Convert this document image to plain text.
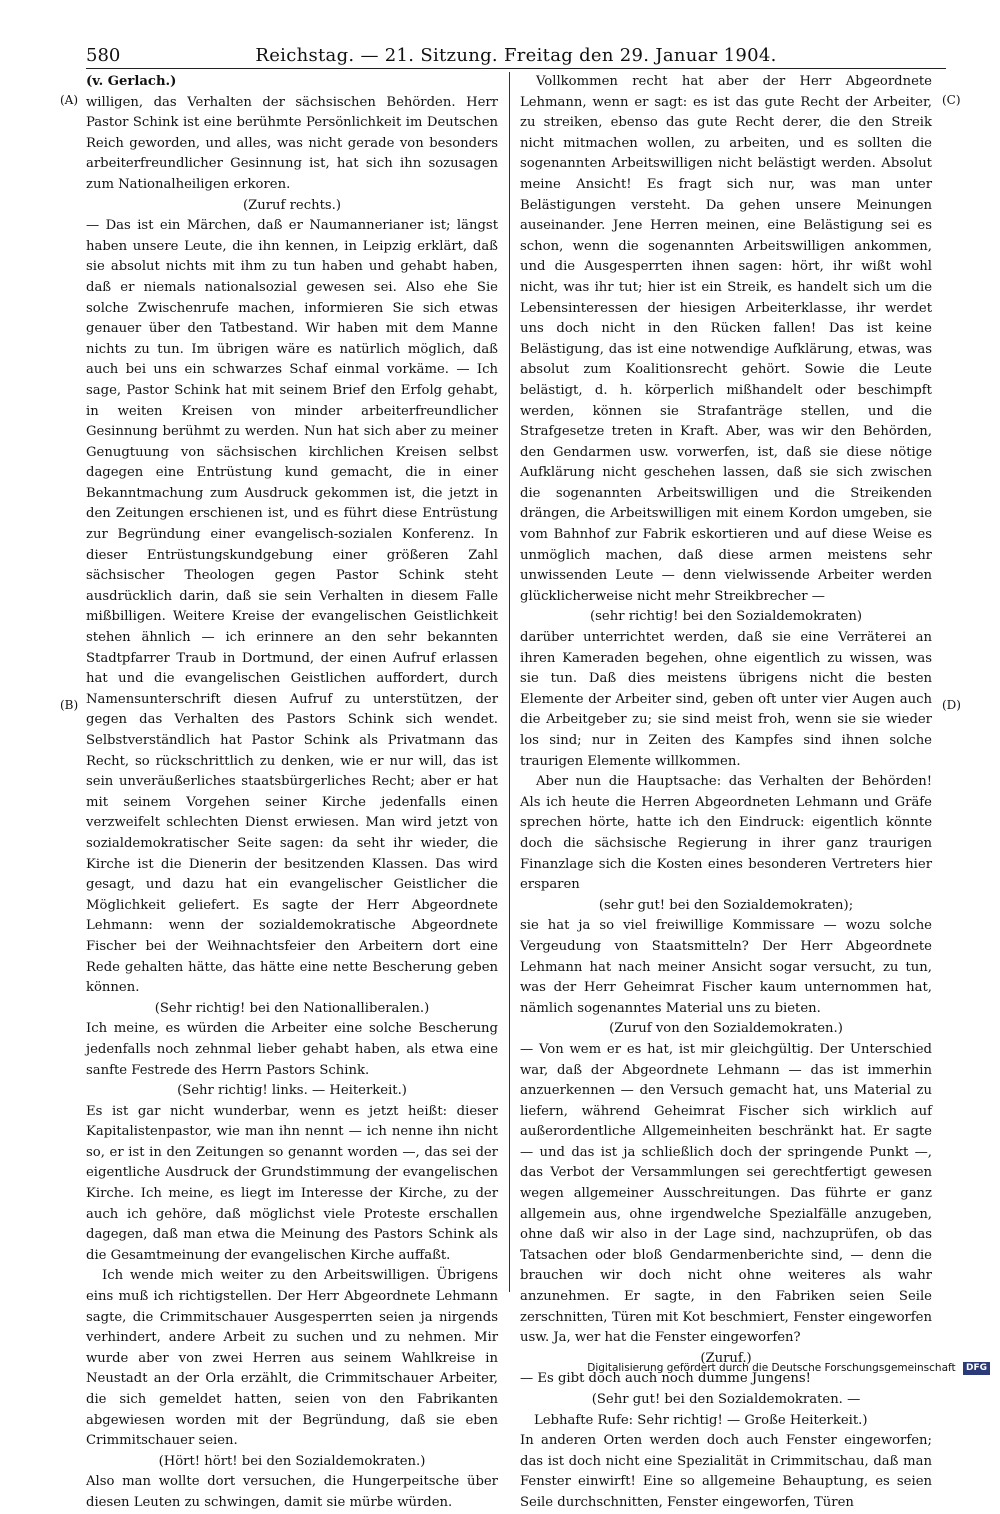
580	Reichstag. — 21. Sitzung. Freitag den 29. Januar 1904.
(A)
(B)
(C)
(D)

(v. Gerlach.)

willigen, das Verhalten der sächsischen Behörden. Herr Pastor Schink ist eine berühmte Persönlichkeit im Deutschen Reich geworden, und alles, was nicht gerade von besonders arbeiterfreundlicher Gesinnung ist, hat sich ihn sozusagen zum Nationalheiligen erkoren.

(Zuruf rechts.)

— Das ist ein Märchen, daß er Naumannerianer ist; längst haben unsere Leute, die ihn kennen, in Leipzig erklärt, daß sie absolut nichts mit ihm zu tun haben und gehabt haben, daß er niemals nationalsozial gewesen sei. Also ehe Sie solche Zwischenrufe machen, informieren Sie sich etwas genauer über den Tatbestand. Wir haben mit dem Manne nichts zu tun. Im übrigen wäre es natürlich möglich, daß auch bei uns ein schwarzes Schaf einmal vorkäme. — Ich sage, Pastor Schink hat mit seinem Brief den Erfolg gehabt, in weiten Kreisen von minder arbeiterfreundlicher Gesinnung berühmt zu werden. Nun hat sich aber zu meiner Genugtuung von sächsischen kirchlichen Kreisen selbst dagegen eine Entrüstung kund gemacht, die in einer Bekanntmachung zum Ausdruck gekommen ist, die jetzt in den Zeitungen erschienen ist, und es führt diese Entrüstung zur Begründung einer evangelisch-sozialen Konferenz. In dieser Entrüstungskundgebung einer größeren Zahl sächsischer Theologen gegen Pastor Schink steht ausdrücklich darin, daß sie sein Verhalten in diesem Falle mißbilligen. Weitere Kreise der evangelischen Geistlichkeit stehen ähnlich — ich erinnere an den sehr bekannten Stadtpfarrer Traub in Dortmund, der einen Aufruf erlassen hat und die evangelischen Geistlichen auffordert, durch Namensunterschrift diesen Aufruf zu unterstützen, der gegen das Verhalten des Pastors Schink sich wendet. Selbstverständlich hat Pastor Schink als Privatmann das Recht, so rückschrittlich zu denken, wie er nur will, das ist sein unveräußerliches staatsbürgerliches Recht; aber er hat mit seinem Vorgehen seiner Kirche jedenfalls einen verzweifelt schlechten Dienst erwiesen. Man wird jetzt von sozialdemokratischer Seite sagen: da seht ihr wieder, die Kirche ist die Dienerin der besitzenden Klassen. Das wird gesagt, und dazu hat ein evangelischer Geistlicher die Möglichkeit geliefert. Es sagte der Herr Abgeordnete Lehmann: wenn der sozialdemokratische Abgeordnete Fischer bei der Weihnachtsfeier den Arbeitern dort eine Rede gehalten hätte, das hätte eine nette Bescherung geben können.

(Sehr richtig! bei den Nationalliberalen.)

Ich meine, es würden die Arbeiter eine solche Bescherung jedenfalls noch zehnmal lieber gehabt haben, als etwa eine sanfte Festrede des Herrn Pastors Schink.

(Sehr richtig! links. — Heiterkeit.)

Es ist gar nicht wunderbar, wenn es jetzt heißt: dieser Kapitalistenpastor, wie man ihn nennt — ich nenne ihn nicht so, er ist in den Zeitungen so genannt worden —, das sei der eigentliche Ausdruck der Grundstimmung der evangelischen Kirche. Ich meine, es liegt im Interesse der Kirche, zu der auch ich gehöre, daß möglichst viele Proteste erschallen dagegen, daß man etwa die Meinung des Pastors Schink als die Gesamtmeinung der evangelischen Kirche auffaßt.

Ich wende mich weiter zu den Arbeitswilligen. Übrigens eins muß ich richtigstellen. Der Herr Abgeordnete Lehmann sagte, die Crimmitschauer Ausgesperrten seien ja nirgends verhindert, andere Arbeit zu suchen und zu nehmen. Mir wurde aber von zwei Herren aus seinem Wahlkreise in Neustadt an der Orla erzählt, die Crimmitschauer Arbeiter, die sich gemeldet hatten, seien von den Fabrikanten abgewiesen worden mit der Begründung, daß sie eben Crimmitschauer seien.

(Hört! hört! bei den Sozialdemokraten.)

Also man wollte dort versuchen, die Hungerpeitsche über diesen Leuten zu schwingen, damit sie mürbe würden.

Vollkommen recht hat aber der Herr Abgeordnete Lehmann, wenn er sagt: es ist das gute Recht der Arbeiter, zu streiken, ebenso das gute Recht derer, die den Streik nicht mitmachen wollen, zu arbeiten, und es sollten die sogenannten Arbeitswilligen nicht belästigt werden. Absolut meine Ansicht! Es fragt sich nur, was man unter Belästigungen versteht. Da gehen unsere Meinungen auseinander. Jene Herren meinen, eine Belästigung sei es schon, wenn die sogenannten Arbeitswilligen ankommen, und die Ausgesperrten ihnen sagen: hört, ihr wißt wohl nicht, was ihr tut; hier ist ein Streik, es handelt sich um die Lebensinteressen der hiesigen Arbeiterklasse, ihr werdet uns doch nicht in den Rücken fallen! Das ist keine Belästigung, das ist eine notwendige Aufklärung, etwas, was absolut zum Koalitionsrecht gehört. Sowie die Leute belästigt, d. h. körperlich mißhandelt oder beschimpft werden, können sie Strafanträge stellen, und die Strafgesetze treten in Kraft. Aber, was wir den Behörden, den Gendarmen usw. vorwerfen, ist, daß sie diese nötige Aufklärung nicht geschehen lassen, daß sie sich zwischen die sogenannten Arbeitswilligen und die Streikenden drängen, die Arbeitswilligen mit einem Kordon umgeben, sie vom Bahnhof zur Fabrik eskortieren und auf diese Weise es unmöglich machen, daß diese armen meistens sehr unwissenden Leute — denn vielwissende Arbeiter werden glücklicherweise nicht mehr Streikbrecher —

(sehr richtig! bei den Sozialdemokraten)

darüber unterrichtet werden, daß sie eine Verräterei an ihren Kameraden begehen, ohne eigentlich zu wissen, was sie tun. Daß dies meistens übrigens nicht die besten Elemente der Arbeiter sind, geben oft unter vier Augen auch die Arbeitgeber zu; sie sind meist froh, wenn sie sie wieder los sind; nur in Zeiten des Kampfes sind ihnen solche traurigen Elemente willkommen.

Aber nun die Hauptsache: das Verhalten der Behörden! Als ich heute die Herren Abgeordneten Lehmann und Gräfe sprechen hörte, hatte ich den Eindruck: eigentlich könnte doch die sächsische Regierung in ihrer ganz traurigen Finanzlage sich die Kosten eines besonderen Vertreters hier ersparen

(sehr gut! bei den Sozialdemokraten);

sie hat ja so viel freiwillige Kommissare — wozu solche Vergeudung von Staatsmitteln? Der Herr Abgeordnete Lehmann hat nach meiner Ansicht sogar versucht, zu tun, was der Herr Geheimrat Fischer kaum unternommen hat, nämlich sogenanntes Material uns zu bieten.

(Zuruf von den Sozialdemokraten.)

— Von wem er es hat, ist mir gleichgültig. Der Unterschied war, daß der Abgeordnete Lehmann — das ist immerhin anzuerkennen — den Versuch gemacht hat, uns Material zu liefern, während Geheimrat Fischer sich wirklich auf außerordentliche Allgemeinheiten beschränkt hat. Er sagte — und das ist ja schließlich doch der springende Punkt —, das Verbot der Versammlungen sei gerechtfertigt gewesen wegen allgemeiner Ausschreitungen. Das führte er ganz allgemein aus, ohne irgendwelche Spezialfälle anzugeben, ohne daß wir also in der Lage sind, nachzuprüfen, ob das Tatsachen oder bloß Gendarmenberichte sind, — denn die brauchen wir doch nicht ohne weiteres als wahr anzunehmen. Er sagte, in den Fabriken seien Seile zerschnitten, Türen mit Kot beschmiert, Fenster eingeworfen usw. Ja, wer hat die Fenster eingeworfen?

(Zuruf.)

— Es gibt doch auch noch dumme Jungens!

(Sehr gut! bei den Sozialdemokraten. —

Lebhafte Rufe: Sehr richtig! — Große Heiterkeit.)

In anderen Orten werden doch auch Fenster eingeworfen; das ist doch nicht eine Spezialität in Crimmitschau, daß man Fenster einwirft! Eine so allgemeine Behauptung, es seien Seile durchschnitten, Fenster eingeworfen, Türen

Digitalisierung gefördert durch die Deutsche Forschungsgemeinschaft DFG
